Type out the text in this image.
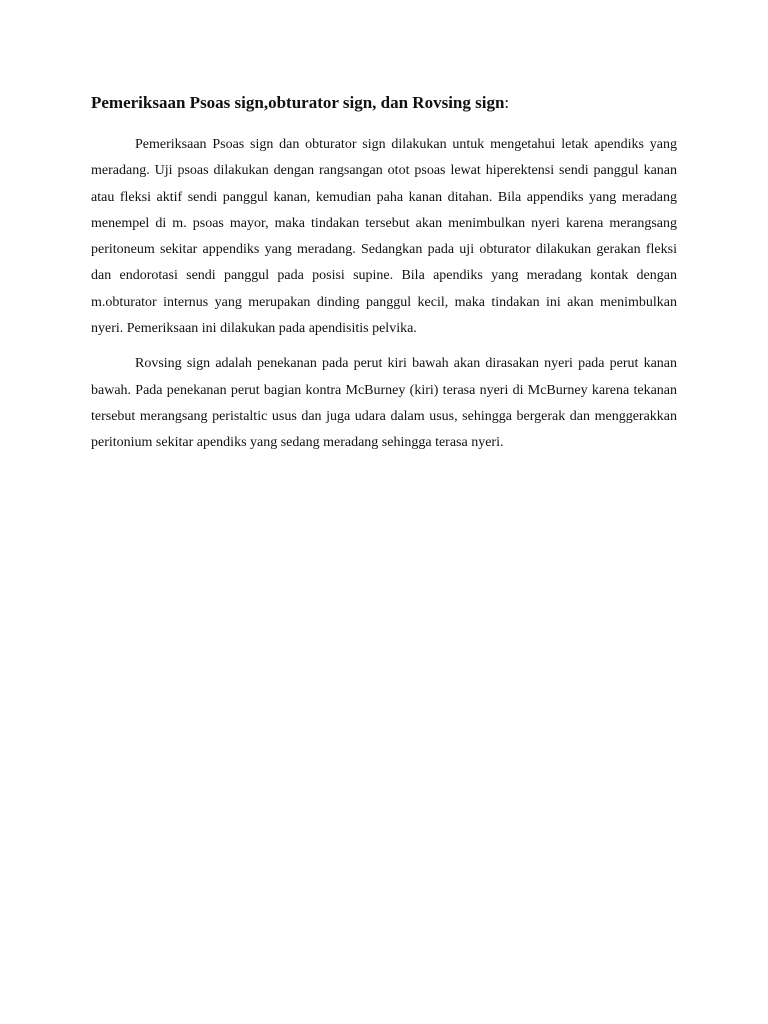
Pemeriksaan Psoas sign,obturator sign, dan Rovsing sign:

Pemeriksaan Psoas sign dan obturator sign dilakukan untuk mengetahui letak apendiks yang meradang. Uji psoas dilakukan dengan rangsangan otot psoas lewat hiperektensi sendi panggul kanan atau fleksi aktif sendi panggul kanan, kemudian paha kanan ditahan. Bila appendiks yang meradang menempel di m. psoas mayor, maka tindakan tersebut akan menimbulkan nyeri karena merangsang peritoneum sekitar appendiks yang meradang. Sedangkan pada uji obturator dilakukan gerakan fleksi dan endorotasi sendi panggul pada posisi supine. Bila apendiks yang meradang kontak dengan m.obturator internus yang merupakan dinding panggul kecil, maka tindakan ini akan menimbulkan nyeri. Pemeriksaan ini dilakukan pada apendisitis pelvika.

Rovsing sign adalah penekanan pada perut kiri bawah akan dirasakan nyeri pada perut kanan bawah. Pada penekanan perut bagian kontra McBurney (kiri) terasa nyeri di McBurney karena tekanan tersebut merangsang peristaltic usus dan juga udara dalam usus, sehingga bergerak dan menggerakkan peritonium sekitar apendiks yang sedang meradang sehingga terasa nyeri.
